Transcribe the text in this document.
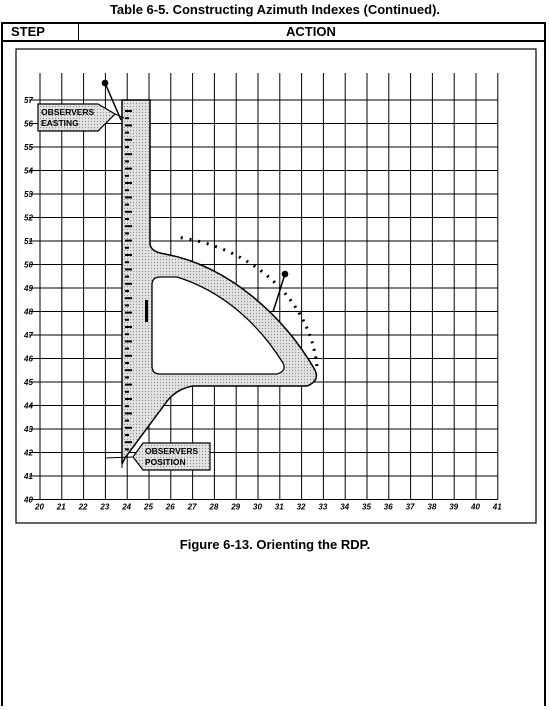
Table 6-5. Constructing Azimuth Indexes (Continued).
STEP	ACTION
57
56
55
54
53
52
51
50
49
48
47
46
45
44
43
42
41
40
20 21 22 23 24 25 26 27 28 29 30 31 32 33 34 35 36 37 38 39 40 41
OBSERVERS
EASTING
OBSERVERS
POSITION
Figure 6-13. Orienting the RDP.
